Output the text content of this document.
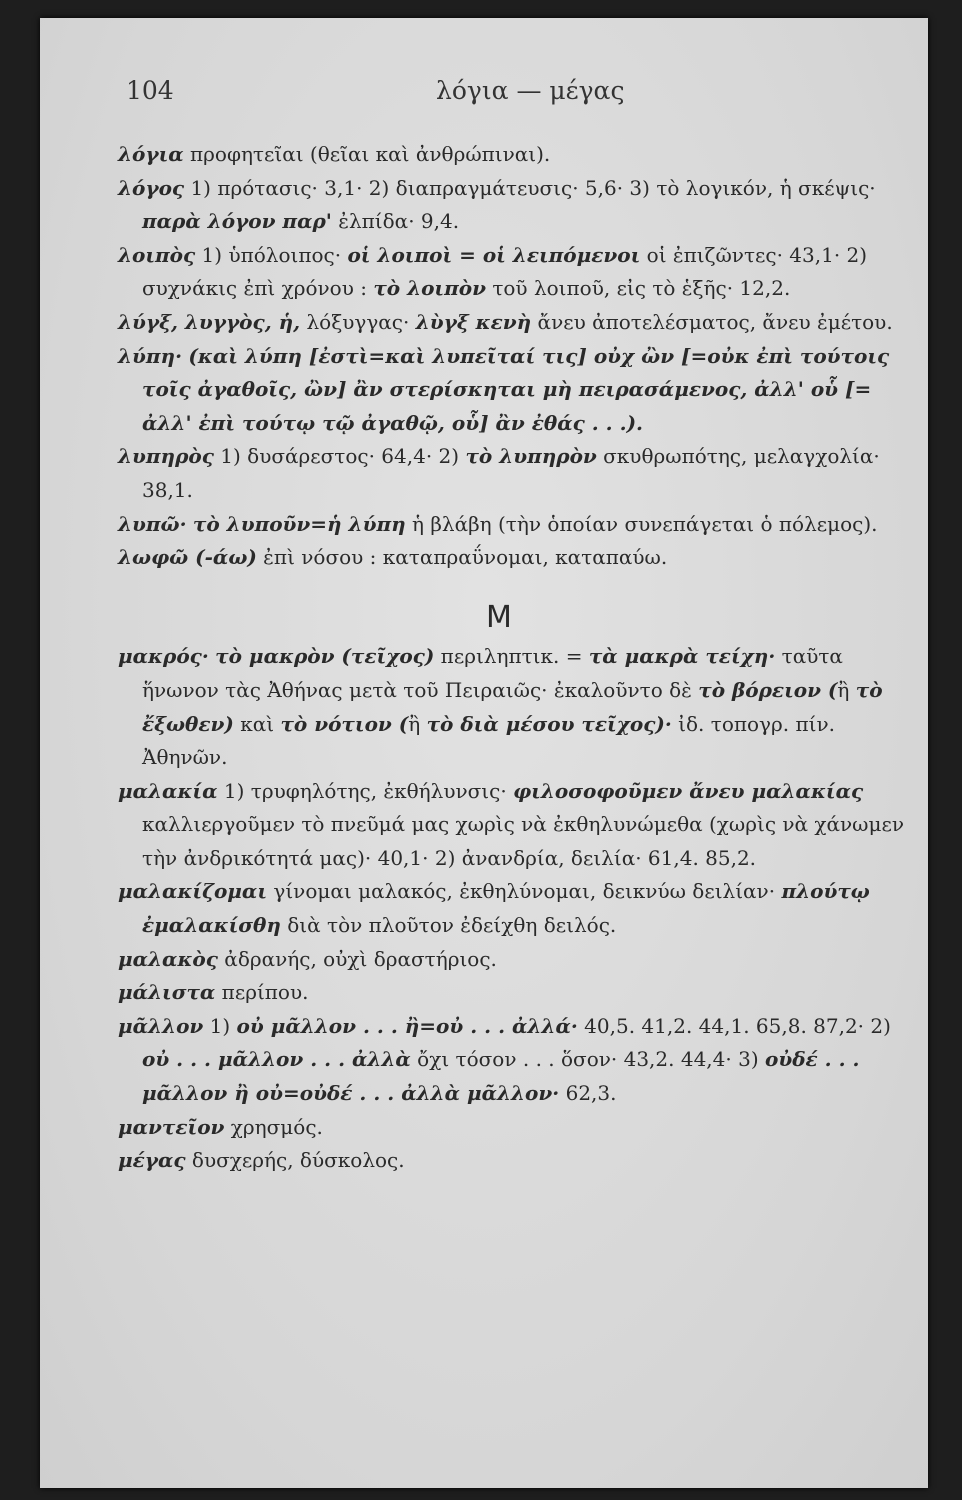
104	λόγια — μέγας

λόγια προφητεῖαι (θεῖαι καὶ ἀνθρώπιναι).

λόγος 1) πρότασις· 3,1· 2) διαπραγμάτευσις· 5,6· 3) τὸ λογικόν, ἡ σκέψις· παρὰ λόγον παρ' ἐλπίδα· 9,4.

λοιπὸς 1) ὑπόλοιπος· οἱ λοιποὶ = οἱ λειπόμενοι οἱ ἐπιζῶντες· 43,1· 2) συχνάκις ἐπὶ χρόνου : τὸ λοιπὸν τοῦ λοιποῦ, εἰς τὸ ἑξῆς· 12,2.

λύγξ, λυγγὸς, ἡ, λόξυγγας· λὺγξ κενὴ ἄνευ ἀποτελέσματος, ἄνευ ἐμέτου.

λύπη· (καὶ λύπη [ἐστὶ=καὶ λυπεῖταί τις] οὐχ ὢν [=οὐκ ἐπὶ τούτοις τοῖς ἀγαθοῖς, ὢν] ἂν στερίσκηται μὴ πειρασάμενος, ἀλλ' οὗ [= ἀλλ' ἐπὶ τούτῳ τῷ ἀγαθῷ, οὗ] ἂν ἐθάς . . .).

λυπηρὸς 1) δυσάρεστος· 64,4· 2) τὸ λυπηρὸν σκυθρωπότης, μελαγχολία· 38,1.

λυπῶ· τὸ λυποῦν=ἡ λύπη ἡ βλάβη (τὴν ὁποίαν συνεπάγεται ὁ πόλεμος).

λωφῶ (-άω) ἐπὶ νόσου : καταπραΰνομαι, καταπαύω.

Μ

μακρός· τὸ μακρὸν (τεῖχος) περιληπτικ. = τὰ μακρὰ τείχη· ταῦτα ἥνωνον τὰς Ἀθήνας μετὰ τοῦ Πειραιῶς· ἐκαλοῦντο δὲ τὸ βόρειον (ἢ τὸ ἔξωθεν) καὶ τὸ νότιον (ἢ τὸ διὰ μέσου τεῖχος)· ἰδ. τοπογρ. πίν. Ἀθηνῶν.

μαλακία 1) τρυφηλότης, ἐκθήλυνσις· φιλοσοφοῦμεν ἄνευ μαλακίας καλλιεργοῦμεν τὸ πνεῦμά μας χωρὶς νὰ ἐκθηλυνώμεθα (χωρὶς νὰ χάνωμεν τὴν ἀνδρικότητά μας)· 40,1· 2) ἀνανδρία, δειλία· 61,4. 85,2.

μαλακίζομαι γίνομαι μαλακός, ἐκθηλύνομαι, δεικνύω δειλίαν· πλούτῳ ἐμαλακίσθη διὰ τὸν πλοῦτον ἐδείχθη δειλός.

μαλακὸς ἀδρανής, οὐχὶ δραστήριος.

μάλιστα περίπου.

μᾶλλον 1) οὐ μᾶλλον . . . ἢ=οὐ . . . ἀλλά· 40,5. 41,2. 44,1. 65,8. 87,2· 2) οὐ . . . μᾶλλον . . . ἀλλὰ ὄχι τόσον . . . ὅσον· 43,2. 44,4· 3) οὐδέ . . . μᾶλλον ἢ οὐ=οὐδέ . . . ἀλλὰ μᾶλλον· 62,3.

μαντεῖον χρησμός.

μέγας δυσχερής, δύσκολος.
